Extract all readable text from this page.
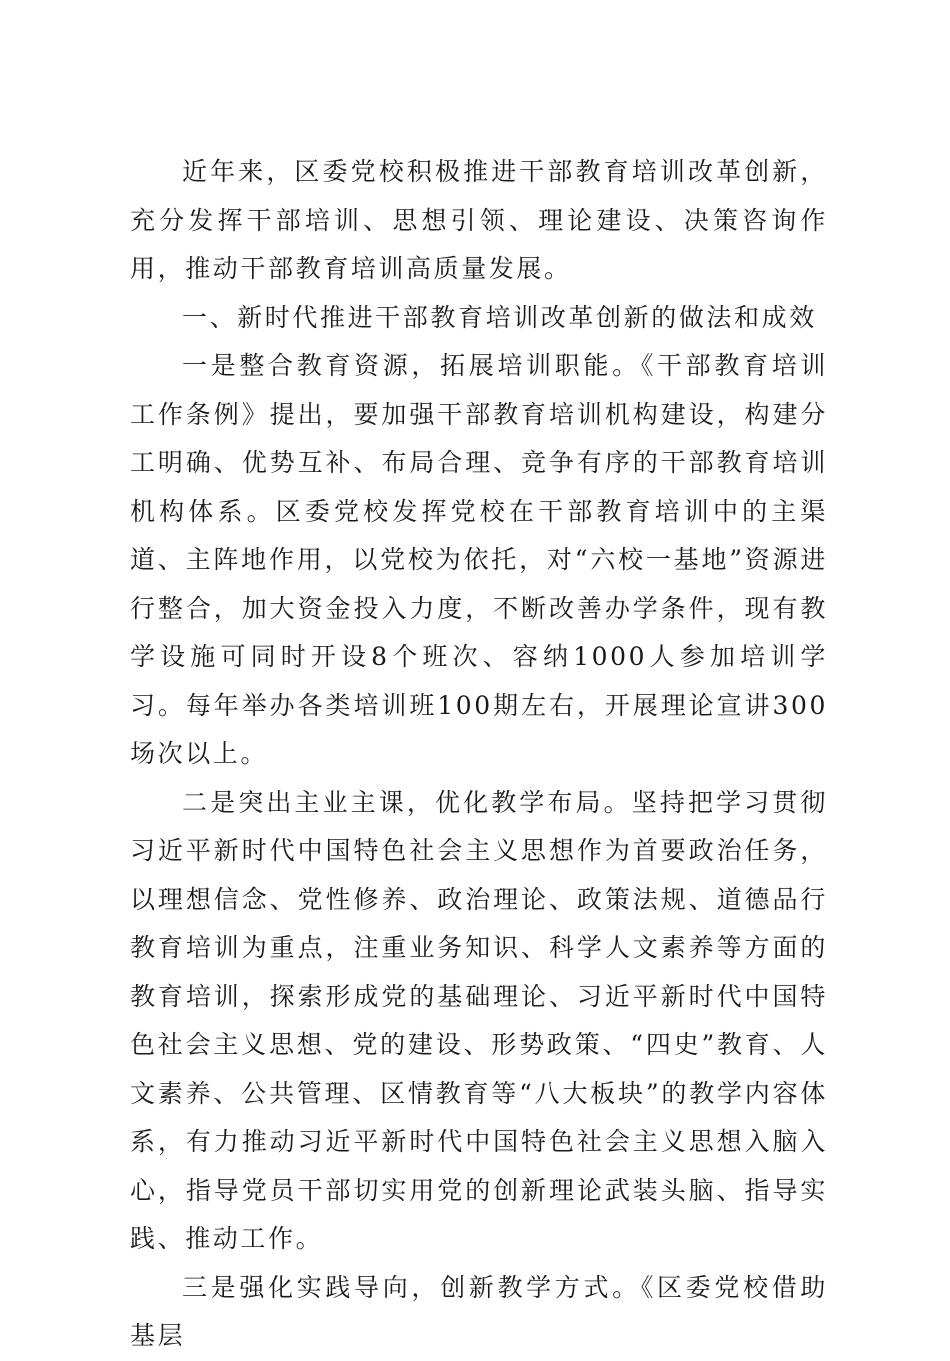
近年来，区委党校积极推进干部教育培训改革创新，充分发挥干部培训、思想引领、理论建设、决策咨询作用，推动干部教育培训高质量发展。

一、新时代推进干部教育培训改革创新的做法和成效

一是整合教育资源，拓展培训职能。《干部教育培训工作条例》提出，要加强干部教育培训机构建设，构建分工明确、优势互补、布局合理、竞争有序的干部教育培训机构体系。区委党校发挥党校在干部教育培训中的主渠道、主阵地作用，以党校为依托，对“六校一基地”资源进行整合，加大资金投入力度，不断改善办学条件，现有教学设施可同时开设8个班次、容纳1000人参加培训学习。每年举办各类培训班100期左右，开展理论宣讲300场次以上。

二是突出主业主课，优化教学布局。坚持把学习贯彻习近平新时代中国特色社会主义思想作为首要政治任务，以理想信念、党性修养、政治理论、政策法规、道德品行教育培训为重点，注重业务知识、科学人文素养等方面的教育培训，探索形成党的基础理论、习近平新时代中国特色社会主义思想、党的建设、形势政策、“四史”教育、人文素养、公共管理、区情教育等“八大板块”的教学内容体系，有力推动习近平新时代中国特色社会主义思想入脑入心，指导党员干部切实用党的创新理论武装头脑、指导实践、推动工作。

三是强化实践导向，创新教学方式。《区委党校借助基层
